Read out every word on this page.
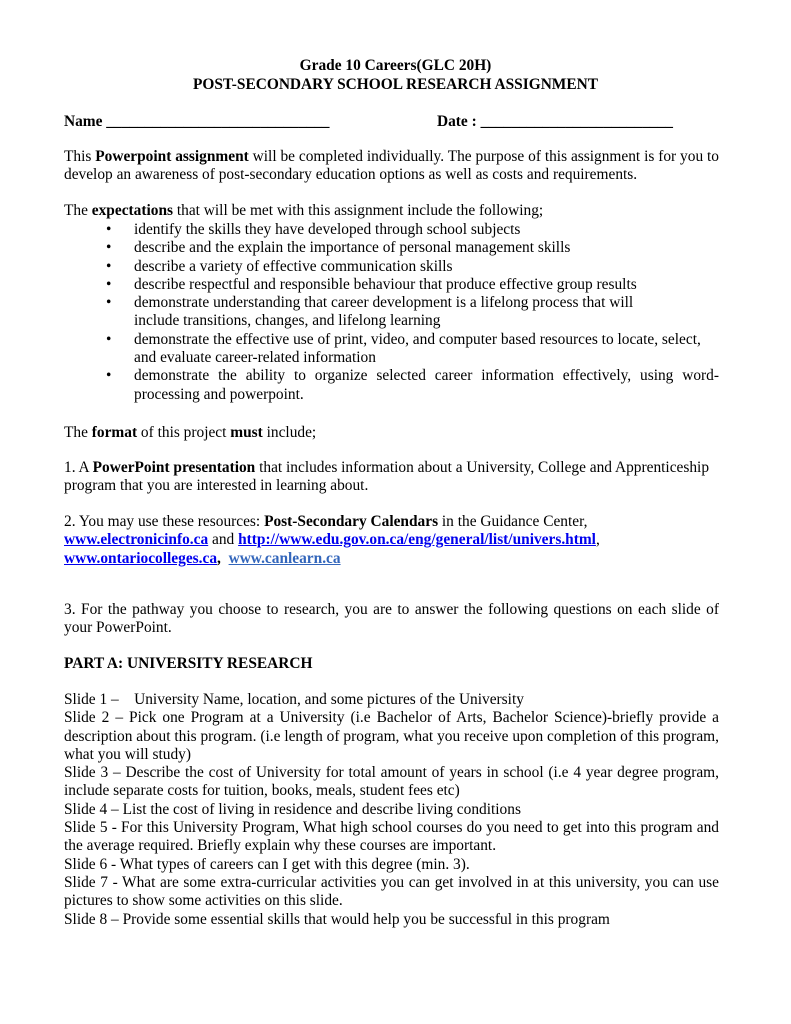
Grade 10 Careers(GLC 20H)
POST-SECONDARY SCHOOL RESEARCH ASSIGNMENT
Name _____________________________	Date : _________________________
This Powerpoint assignment will be completed individually. The purpose of this assignment is for you to develop an awareness of post-secondary education options as well as costs and requirements.
The expectations that will be met with this assignment include the following;
• identify the skills they have developed through school subjects
• describe and the explain the importance of personal management skills
• describe a variety of effective communication skills
• describe respectful and responsible behaviour that produce effective group results
• demonstrate understanding that career development is a lifelong process that will include transitions, changes, and lifelong learning
• demonstrate the effective use of print, video, and computer based resources to locate, select, and evaluate career-related information
• demonstrate the ability to organize selected career information effectively, using word-processing and powerpoint.
The format of this project must include;
1. A PowerPoint presentation that includes information about a University, College and Apprenticeship program that you are interested in learning about.
2. You may use these resources: Post-Secondary Calendars in the Guidance Center,
www.electronicinfo.ca and http://www.edu.gov.on.ca/eng/general/list/univers.html,
www.ontariocolleges.ca,  www.canlearn.ca
3. For the pathway you choose to research, you are to answer the following questions on each slide of your PowerPoint.
PART A: UNIVERSITY RESEARCH
Slide 1 –    University Name, location, and some pictures of the University
Slide 2 – Pick one Program at a University (i.e Bachelor of Arts, Bachelor Science)-briefly provide a description about this program. (i.e length of program, what you receive upon completion of this program, what you will study)
Slide 3 – Describe the cost of University for total amount of years in school (i.e 4 year degree program, include separate costs for tuition, books, meals, student fees etc)
Slide 4 – List the cost of living in residence and describe living conditions
Slide 5 - For this University Program, What high school courses do you need to get into this program and the average required. Briefly explain why these courses are important.
Slide 6 - What types of careers can I get with this degree (min. 3).
Slide 7 - What are some extra-curricular activities you can get involved in at this university, you can use pictures to show some activities on this slide.
Slide 8 – Provide some essential skills that would help you be successful in this program
